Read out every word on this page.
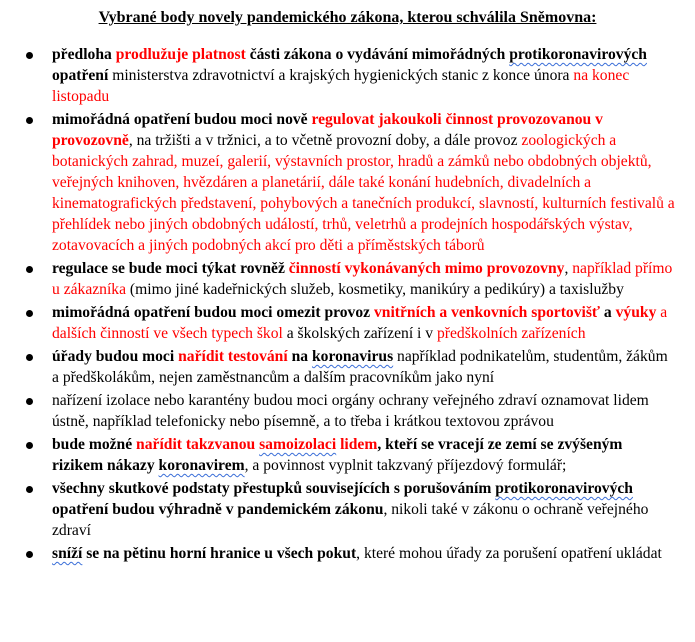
Vybrané body novely pandemického zákona, kterou schválila Sněmovna:
předloha prodlužuje platnost části zákona o vydávání mimořádných protikoronavirových opatření ministerstva zdravotnictví a krajských hygienických stanic z konce února na konec listopadu
mimořádná opatření budou moci nově regulovat jakoukoli činnost provozovanou v provozovně, na tržišti a v tržnici, a to včetně provozní doby, a dále provoz zoologických a botanických zahrad, muzeí, galerií, výstavních prostor, hradů a zámků nebo obdobných objektů, veřejných knihoven, hvězdáren a planetárií, dále také konání hudebních, divadelních a kinematografických představení, pohybových a tanečních produkcí, slavností, kulturních festivalů a přehlídek nebo jiných obdobných událostí, trhů, veletrhů a prodejních hospodářských výstav, zotavovacích a jiných podobných akcí pro děti a příměstských táborů
regulace se bude moci týkat rovněž činností vykonávaných mimo provozovny, například přímo u zákazníka (mimo jiné kadeřnických služeb, kosmetiky, manikúry a pedikúry) a taxislužby
mimořádná opatření budou moci omezit provoz vnitřních a venkovních sportovišť a výuky a dalších činností ve všech typech škol a školských zařízení i v předškolních zařízeních
úřady budou moci nařídit testování na koronavirus například podnikatelům, studentům, žákům a předškolákům, nejen zaměstnancům a dalším pracovníkům jako nyní
nařízení izolace nebo karantény budou moci orgány ochrany veřejného zdraví oznamovat lidem ústně, například telefonicky nebo písemně, a to třeba i krátkou textovou zprávou
bude možné nařídit takzvanou samoizolaci lidem, kteří se vracejí ze zemí se zvýšeným rizikem nákazy koronavirem, a povinnost vyplnit takzvaný příjezdový formulář;
všechny skutkové podstaty přestupků souvisejících s porušováním protikoronavirových opatření budou výhradně v pandemickém zákonu, nikoli také v zákonu o ochraně veřejného zdraví
sníží se na pětinu horní hranice u všech pokut, které mohou úřady za porušení opatření ukládat
